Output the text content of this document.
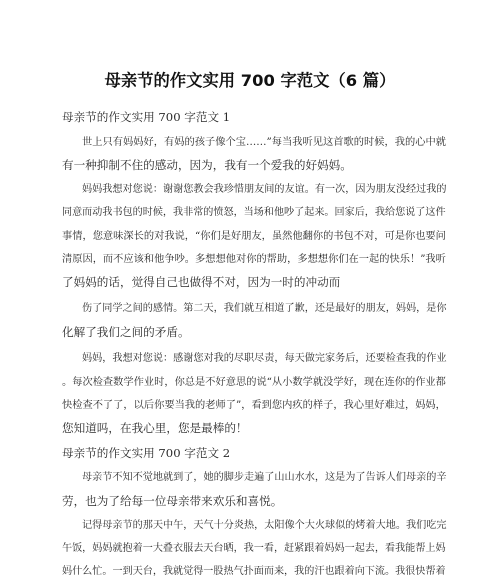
母亲节的作文实用 700 字范文（6 篇）
母亲节的作文实用 700 字范文 1
世上只有妈妈好，有妈的孩子像个宝……”每当我听见这首歌的时候，我的心中就
有一种抑制不住的感动，因为，我有一个爱我的好妈妈。
妈妈我想对您说：谢谢您教会我珍惜朋友间的友谊。有一次，因为朋友没经过我的
同意而动我书包的时候，我非常的愤怒，当场和他吵了起来。回家后，我给您说了这件
事情，您意味深长的对我说，“你们是好朋友，虽然他翻你的书包不对，可是你也要问
清原因，而不应该和他争吵。多想想他对你的帮助，多想想你们在一起的快乐！”我听
了妈妈的话，觉得自己也做得不对，因为一时的冲动而
伤了同学之间的感情。第二天，我们就互相道了歉，还是最好的朋友，妈妈，是你
化解了我们之间的矛盾。
妈妈，我想对您说：感谢您对我的尽职尽责，每天做完家务后，还要检查我的作业
。每次检查数学作业时，你总是不好意思的说“从小数学就没学好，现在连你的作业都
快检查不了了，以后你要当我的老师了”，看到您内疚的样子，我心里好难过，妈妈，
您知道吗，在我心里，您是最棒的！
母亲节的作文实用 700 字范文 2
母亲节不知不觉地就到了，她的脚步走遍了山山水水，这是为了告诉人们母亲的辛
劳，也为了给每一位母亲带来欢乐和喜悦。
记得母亲节的那天中午，天气十分炎热，太阳像个大火球似的烤着大地。我们吃完
午饭，妈妈就抱着一大叠衣服去天台晒，我一看，赶紧跟着妈妈一起去，看我能帮上妈
妈什么忙。一到天台，我就觉得一股热气扑面而来，我的汗也跟着向下流。我很快帮着
